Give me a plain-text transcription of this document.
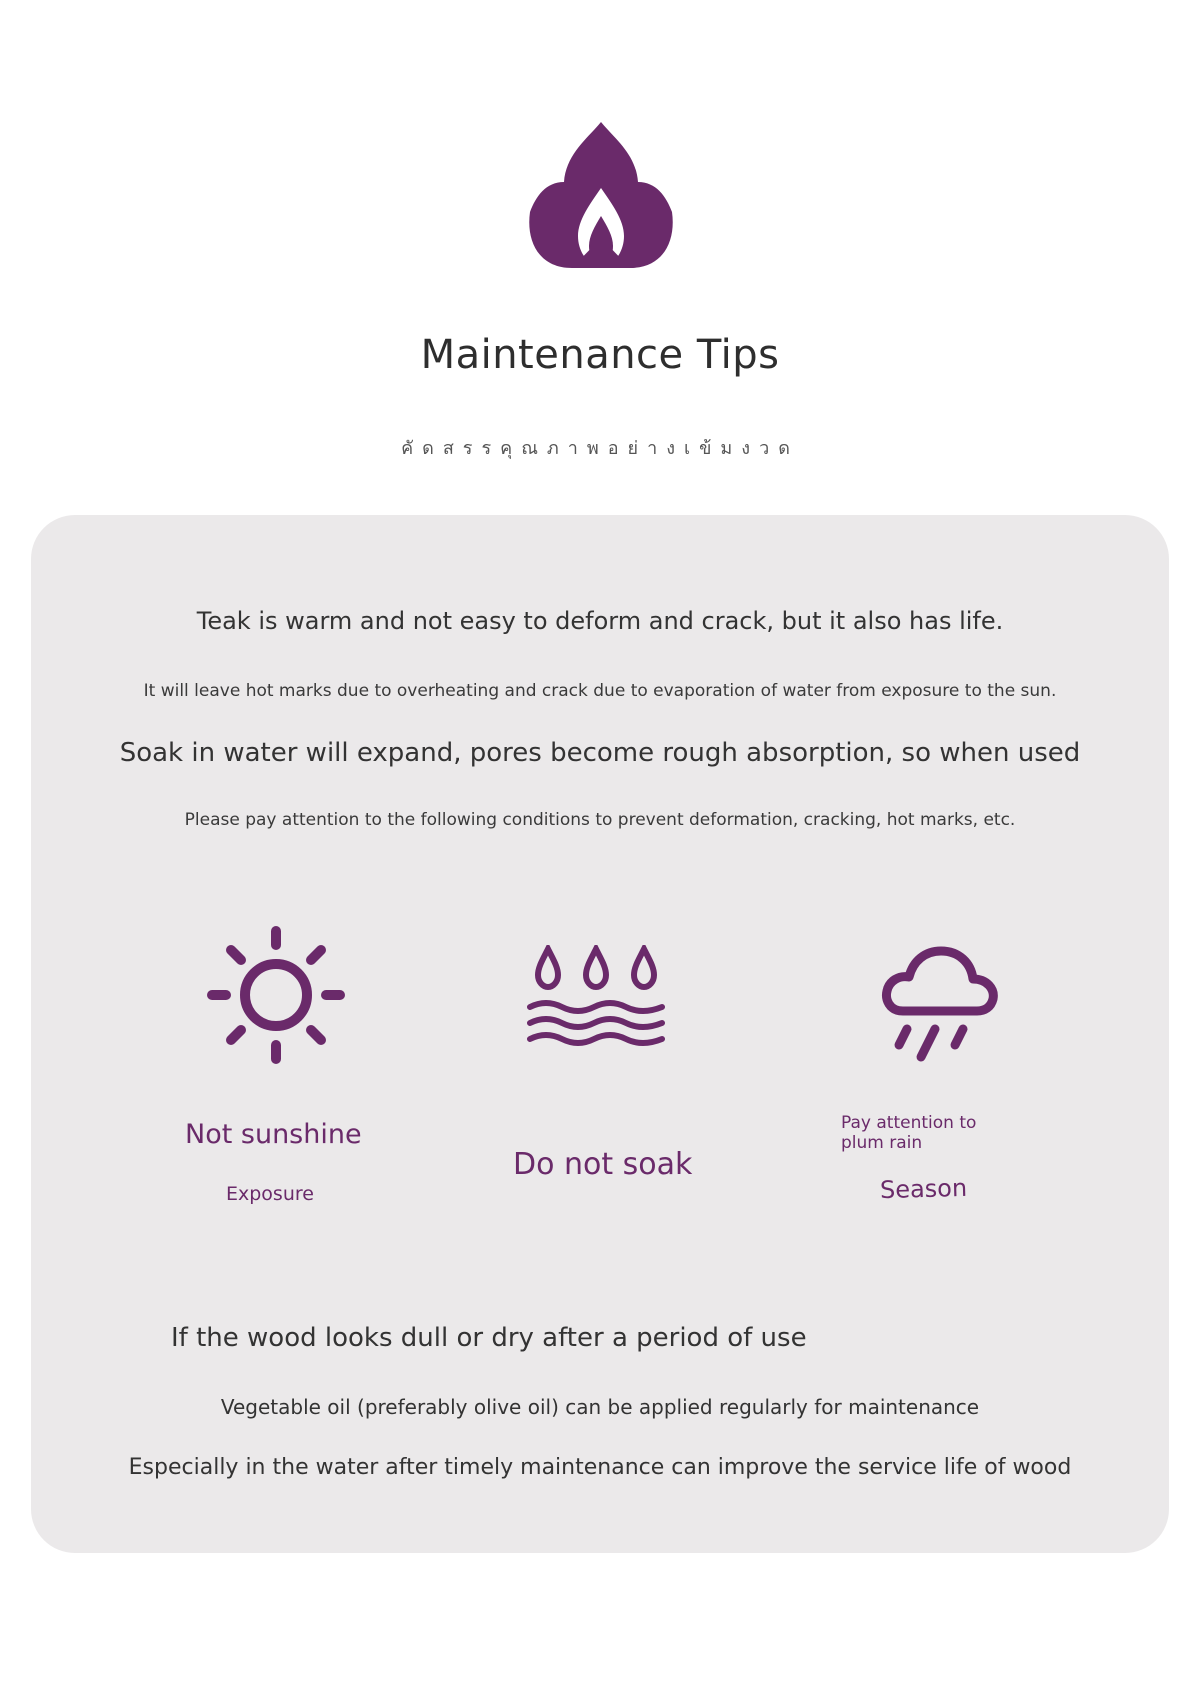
Maintenance Tips
คัดสรรคุณภาพอย่างเข้มงวด
Teak is warm and not easy to deform and crack, but it also has life.
It will leave hot marks due to overheating and crack due to evaporation of water from exposure to the sun.
Soak in water will expand, pores become rough absorption, so when used
Please pay attention to the following conditions to prevent deformation, cracking, hot marks, etc.
Not sunshine
Exposure
Do not soak
Pay attention to
plum rain
Season
If the wood looks dull or dry after a period of use
Vegetable oil (preferably olive oil) can be applied regularly for maintenance
Especially in the water after timely maintenance can improve the service life of wood
